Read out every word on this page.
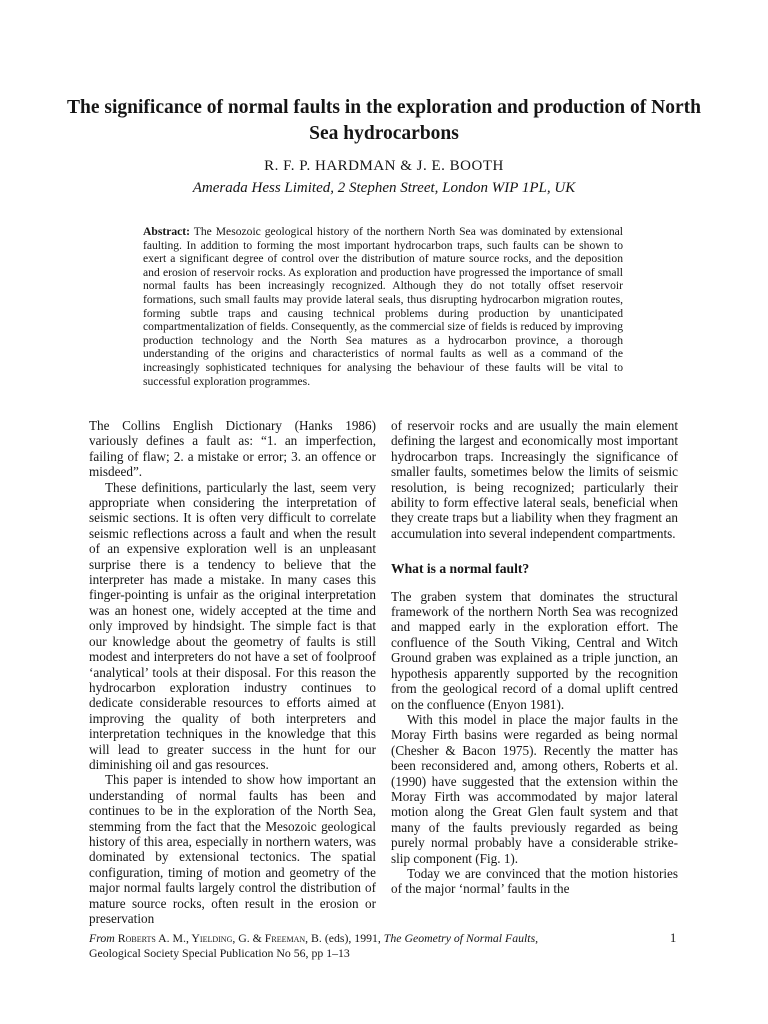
The significance of normal faults in the exploration and production of North Sea hydrocarbons
R. F. P. HARDMAN & J. E. BOOTH
Amerada Hess Limited, 2 Stephen Street, London WIP 1PL, UK

Abstract: The Mesozoic geological history of the northern North Sea was dominated by extensional faulting. In addition to forming the most important hydrocarbon traps, such faults can be shown to exert a significant degree of control over the distribution of mature source rocks, and the deposition and erosion of reservoir rocks. As exploration and production have progressed the importance of small normal faults has been increasingly recognized. Although they do not totally offset reservoir formations, such small faults may provide lateral seals, thus disrupting hydrocarbon migration routes, forming subtle traps and causing technical problems during production by unanticipated compartmentalization of fields. Consequently, as the commercial size of fields is reduced by improving production technology and the North Sea matures as a hydrocarbon province, a thorough understanding of the origins and characteristics of normal faults as well as a command of the increasingly sophisticated techniques for analysing the behaviour of these faults will be vital to successful exploration programmes.

The Collins English Dictionary (Hanks 1986) variously defines a fault as: “1. an imperfection, failing of flaw; 2. a mistake or error; 3. an offence or misdeed”.

These definitions, particularly the last, seem very appropriate when considering the interpretation of seismic sections. It is often very difficult to correlate seismic reflections across a fault and when the result of an expensive exploration well is an unpleasant surprise there is a tendency to believe that the interpreter has made a mistake. In many cases this finger-pointing is unfair as the original interpretation was an honest one, widely accepted at the time and only improved by hindsight. The simple fact is that our knowledge about the geometry of faults is still modest and interpreters do not have a set of foolproof ‘analytical’ tools at their disposal. For this reason the hydrocarbon exploration industry continues to dedicate considerable resources to efforts aimed at improving the quality of both interpreters and interpretation techniques in the knowledge that this will lead to greater success in the hunt for our diminishing oil and gas resources.

This paper is intended to show how important an understanding of normal faults has been and continues to be in the exploration of the North Sea, stemming from the fact that the Mesozoic geological history of this area, especially in northern waters, was dominated by extensional tectonics. The spatial configuration, timing of motion and geometry of the major normal faults largely control the distribution of mature source rocks, often result in the erosion or preservation

of reservoir rocks and are usually the main element defining the largest and economically most important hydrocarbon traps. Increasingly the significance of smaller faults, sometimes below the limits of seismic resolution, is being recognized; particularly their ability to form effective lateral seals, beneficial when they create traps but a liability when they fragment an accumulation into several independent compartments.

What is a normal fault?

The graben system that dominates the structural framework of the northern North Sea was recognized and mapped early in the exploration effort. The confluence of the South Viking, Central and Witch Ground graben was explained as a triple junction, an hypothesis apparently supported by the recognition from the geological record of a domal uplift centred on the confluence (Enyon 1981).

With this model in place the major faults in the Moray Firth basins were regarded as being normal (Chesher & Bacon 1975). Recently the matter has been reconsidered and, among others, Roberts et al. (1990) have suggested that the extension within the Moray Firth was accommodated by major lateral motion along the Great Glen fault system and that many of the faults previously regarded as being purely normal probably have a considerable strike-slip component (Fig. 1).

Today we are convinced that the motion histories of the major ‘normal’ faults in the

From Roberts A. M., Yielding, G. & Freeman, B. (eds), 1991, The Geometry of Normal Faults,
Geological Society Special Publication No 56, pp 1–13
1
